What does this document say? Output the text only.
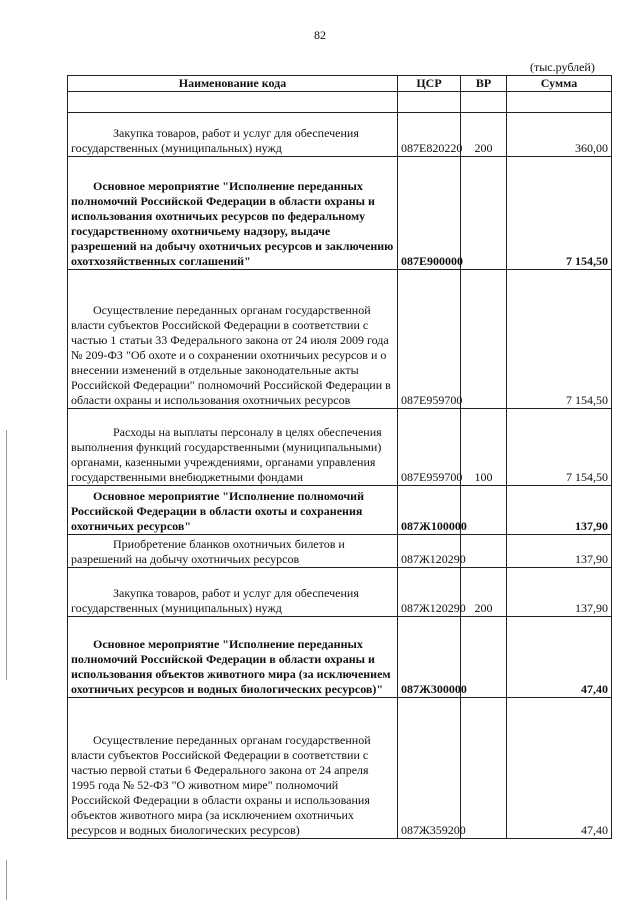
82
(тыс.рублей)
Наименование кода	ЦСР	ВР	Сумма

Закупка товаров, работ и услуг для обеспечения государственных (муниципальных) нужд	087Е820220	200	360,00

Основное мероприятие "Исполнение переданных полномочий Российской Федерации в области охраны и использования охотничьих ресурсов по федеральному государственному охотничьему надзору, выдаче разрешений на добычу охотничьих ресурсов и заключению охотхозяйственных соглашений"	087Е900000		7 154,50

Осуществление переданных органам государственной власти субъектов Российской Федерации в соответствии с частью 1 статьи 33 Федерального закона от 24 июля 2009 года № 209-ФЗ "Об охоте и о сохранении охотничьих ресурсов и о внесении изменений в отдельные законодательные акты Российской Федерации" полномочий Российской Федерации в области охраны и использования охотничьих ресурсов	087Е959700		7 154,50

Расходы на выплаты персоналу в целях обеспечения выполнения функций государственными (муниципальными) органами, казенными учреждениями, органами управления государственными внебюджетными фондами	087Е959700	100	7 154,50

Основное мероприятие "Исполнение полномочий Российской Федерации в области охоты и сохранения охотничьих ресурсов"	087Ж100000		137,90

Приобретение бланков охотничьих билетов и разрешений на добычу охотничьих ресурсов	087Ж120290		137,90

Закупка товаров, работ и услуг для обеспечения государственных (муниципальных) нужд	087Ж120290	200	137,90

Основное мероприятие "Исполнение переданных полномочий Российской Федерации в области охраны и использования объектов животного мира (за исключением охотничьих ресурсов и водных биологических ресурсов)"	087Ж300000		47,40

Осуществление переданных органам государственной власти субъектов Российской Федерации в соответствии с частью первой статьи 6 Федерального закона от 24 апреля 1995 года № 52-ФЗ "О животном мире" полномочий Российской Федерации в области охраны и использования объектов животного мира (за исключением охотничьих ресурсов и водных биологических ресурсов)	087Ж359200		47,40
